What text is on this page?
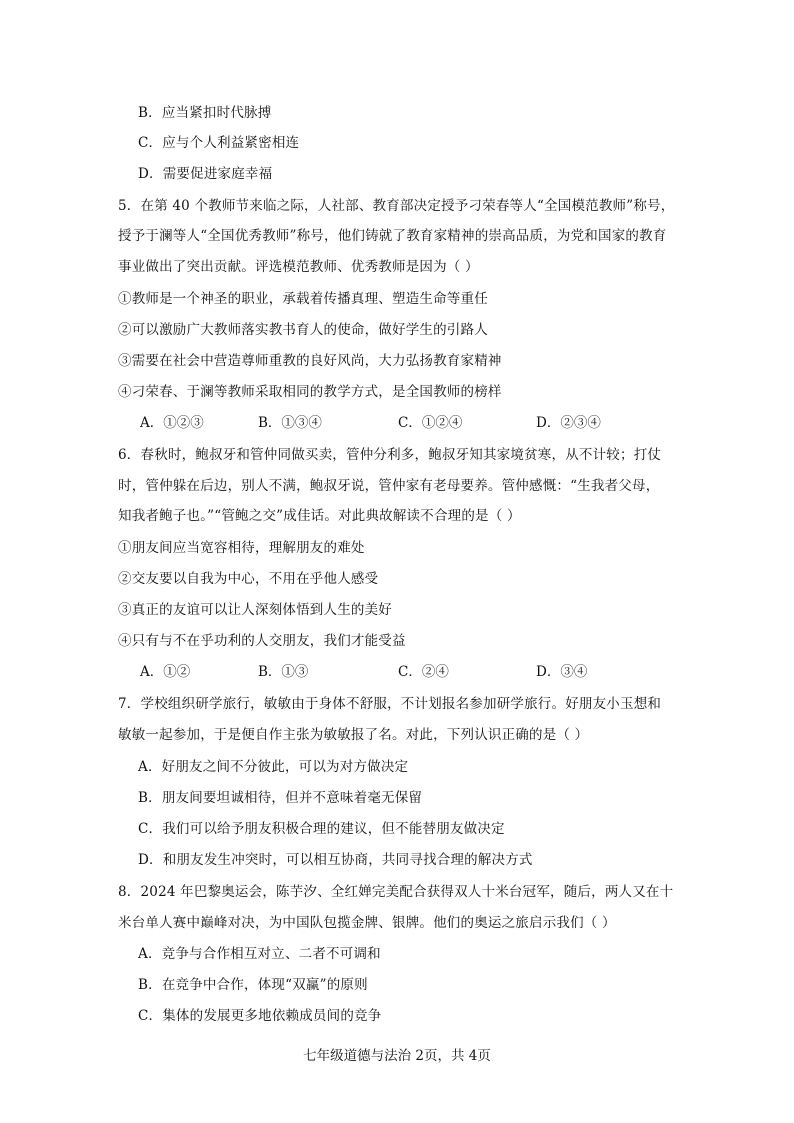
B．应当紧扣时代脉搏
C．应与个人利益紧密相连
D．需要促进家庭幸福
5．在第 40 个教师节来临之际，人社部、教育部决定授予刁荣春等人“全国模范教师”称号，
授予于澜等人“全国优秀教师”称号，他们铸就了教育家精神的崇高品质，为党和国家的教育
事业做出了突出贡献。评选模范教师、优秀教师是因为（ ）
①教师是一个神圣的职业，承载着传播真理、塑造生命等重任
②可以激励广大教师落实教书育人的使命，做好学生的引路人
③需要在社会中营造尊师重教的良好风尚，大力弘扬教育家精神
④刁荣春、于澜等教师采取相同的教学方式，是全国教师的榜样
A．①②③	B．①③④	C．①②④	D．②③④
6．春秋时，鲍叔牙和管仲同做买卖，管仲分利多，鲍叔牙知其家境贫寒，从不计较；打仗
时，管仲躲在后边，别人不满，鲍叔牙说，管仲家有老母要养。管仲感慨：“生我者父母，
知我者鲍子也。”“管鲍之交”成佳话。对此典故解读不合理的是（ ）
①朋友间应当宽容相待，理解朋友的难处
②交友要以自我为中心，不用在乎他人感受
③真正的友谊可以让人深刻体悟到人生的美好
④只有与不在乎功利的人交朋友，我们才能受益
A．①②	B．①③	C．②④	D．③④
7．学校组织研学旅行，敏敏由于身体不舒服，不计划报名参加研学旅行。好朋友小玉想和
敏敏一起参加，于是便自作主张为敏敏报了名。对此，下列认识正确的是（ ）
A．好朋友之间不分彼此，可以为对方做决定
B．朋友间要坦诚相待，但并不意味着毫无保留
C．我们可以给予朋友积极合理的建议，但不能替朋友做决定
D．和朋友发生冲突时，可以相互协商，共同寻找合理的解决方式
8．2024 年巴黎奥运会，陈芋汐、全红婵完美配合获得双人十米台冠军，随后，两人又在十
米台单人赛中巅峰对决，为中国队包揽金牌、银牌。他们的奥运之旅启示我们（ ）
A．竞争与合作相互对立、二者不可调和
B．在竞争中合作，体现“双赢”的原则
C．集体的发展更多地依赖成员间的竞争
七年级道德与法治 2页，共 4页
